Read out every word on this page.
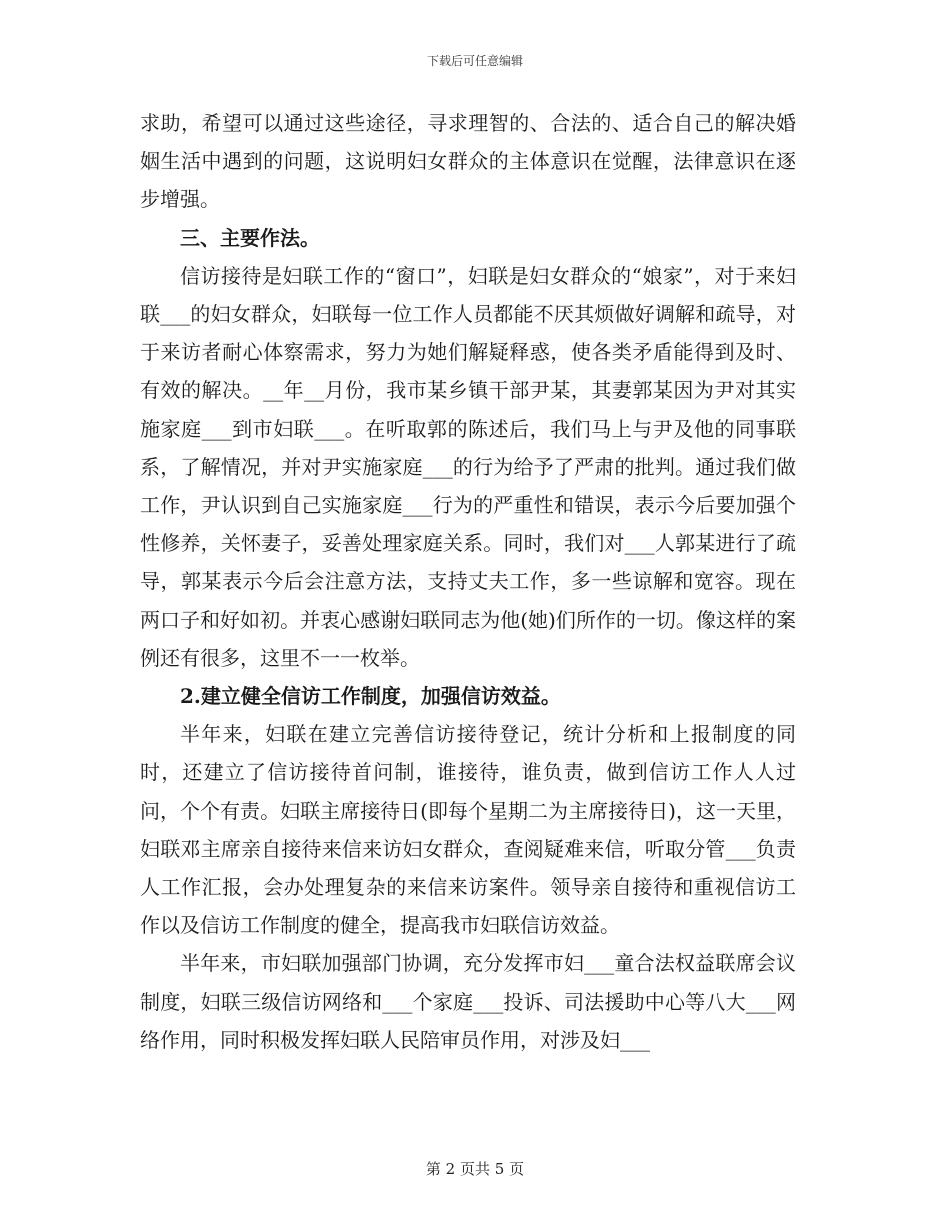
下载后可任意编辑

求助，希望可以通过这些途径，寻求理智的、合法的、适合自己的解决婚姻生活中遇到的问题，这说明妇女群众的主体意识在觉醒，法律意识在逐步增强。

三、主要作法。

信访接待是妇联工作的“窗口”，妇联是妇女群众的“娘家”，对于来妇联___的妇女群众，妇联每一位工作人员都能不厌其烦做好调解和疏导，对于来访者耐心体察需求，努力为她们解疑释惑，使各类矛盾能得到及时、有效的解决。__年__月份，我市某乡镇干部尹某，其妻郭某因为尹对其实施家庭___到市妇联___。在听取郭的陈述后，我们马上与尹及他的同事联系，了解情况，并对尹实施家庭___的行为给予了严肃的批判。通过我们做工作，尹认识到自己实施家庭___行为的严重性和错误，表示今后要加强个性修养，关怀妻子，妥善处理家庭关系。同时，我们对___人郭某进行了疏导，郭某表示今后会注意方法，支持丈夫工作，多一些谅解和宽容。现在两口子和好如初。并衷心感谢妇联同志为他(她)们所作的一切。像这样的案例还有很多，这里不一一枚举。

2.建立健全信访工作制度，加强信访效益。

半年来，妇联在建立完善信访接待登记，统计分析和上报制度的同时，还建立了信访接待首问制，谁接待，谁负责，做到信访工作人人过问，个个有责。妇联主席接待日(即每个星期二为主席接待日)，这一天里，妇联邓主席亲自接待来信来访妇女群众，查阅疑难来信，听取分管___负责人工作汇报，会办处理复杂的来信来访案件。领导亲自接待和重视信访工作以及信访工作制度的健全，提高我市妇联信访效益。

半年来，市妇联加强部门协调，充分发挥市妇___童合法权益联席会议制度，妇联三级信访网络和___个家庭___投诉、司法援助中心等八大___网络作用，同时积极发挥妇联人民陪审员作用，对涉及妇___

第 2 页共 5 页
